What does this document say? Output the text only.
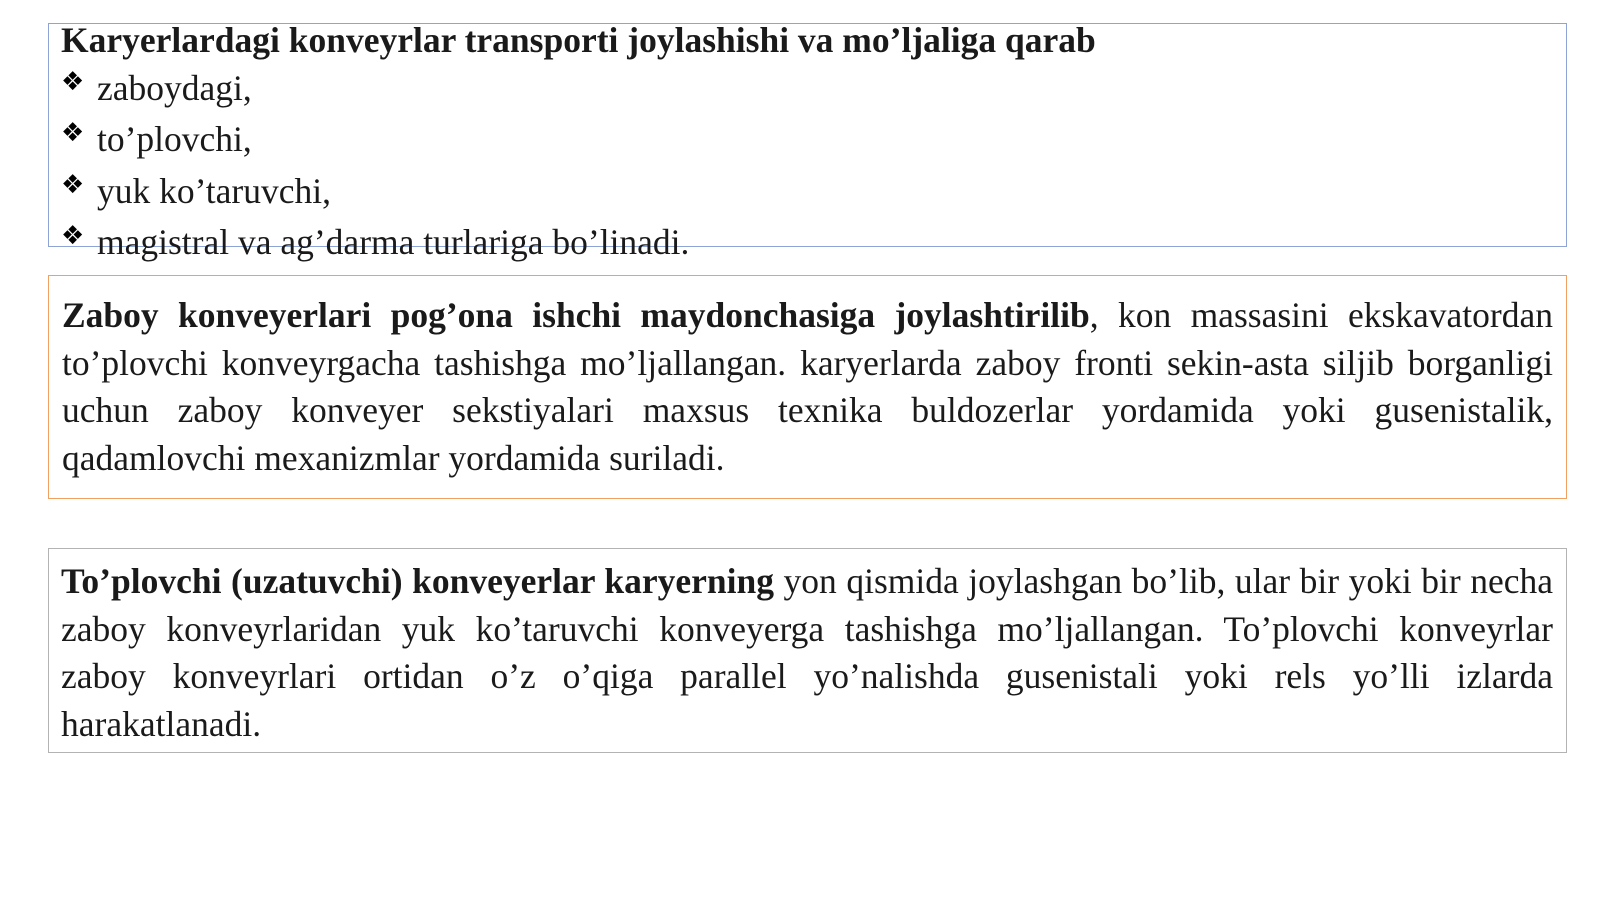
Karyerlardagi konveyrlar transporti joylashishi va mo’ljaliga qarab
❖ zaboydagi,
❖ to’plovchi,
❖ yuk ko’taruvchi,
❖ magistral va ag’darma turlariga bo’linadi.

Zaboy konveyerlari pog’ona ishchi maydonchasiga joylashtirilib, kon massasini ekskavatordan to’plovchi konveyrgacha tashishga mo’ljallangan. karyerlarda zaboy fronti sekin-asta siljib borganligi uchun zaboy konveyer sekstiyalari maxsus texnika buldozerlar yordamida yoki gusenistalik, qadamlovchi mexanizmlar yordamida suriladi.

To’plovchi (uzatuvchi) konveyerlar karyerning yon qismida joylashgan bo’lib, ular bir yoki bir necha zaboy konveyrlaridan yuk ko’taruvchi konveyerga tashishga mo’ljallangan. To’plovchi konveyrlar zaboy konveyrlari ortidan o’z o’qiga parallel yo’nalishda gusenistali yoki rels yo’lli izlarda harakatlanadi.
